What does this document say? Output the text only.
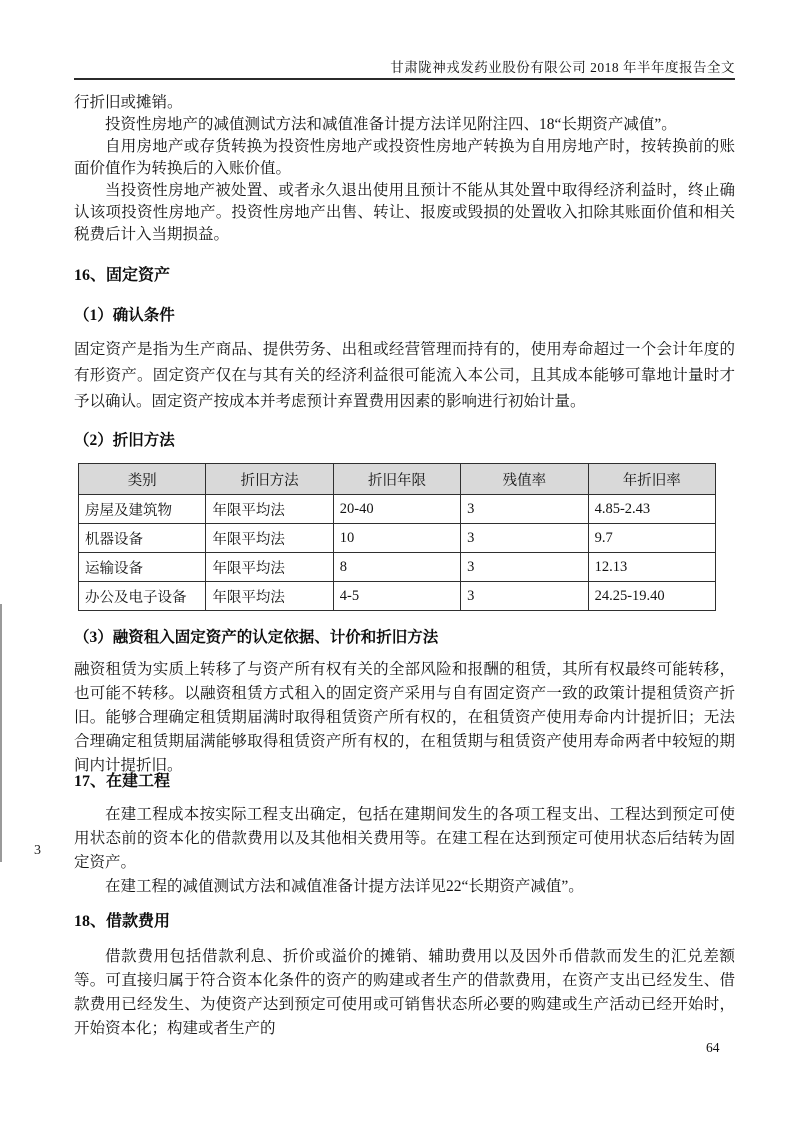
甘肃陇神戎发药业股份有限公司 2018 年半年度报告全文
行折旧或摊销。
投资性房地产的减值测试方法和减值准备计提方法详见附注四、18“长期资产减值”。
自用房地产或存货转换为投资性房地产或投资性房地产转换为自用房地产时，按转换前的账面价值作为转换后的入账价值。
当投资性房地产被处置、或者永久退出使用且预计不能从其处置中取得经济利益时，终止确认该项投资性房地产。投资性房地产出售、转让、报废或毁损的处置收入扣除其账面价值和相关税费后计入当期损益。
16、固定资产
（1）确认条件
固定资产是指为生产商品、提供劳务、出租或经营管理而持有的，使用寿命超过一个会计年度的有形资产。固定资产仅在与其有关的经济利益很可能流入本公司，且其成本能够可靠地计量时才予以确认。固定资产按成本并考虑预计弃置费用因素的影响进行初始计量。
（2）折旧方法
类别	折旧方法	折旧年限	残值率	年折旧率
房屋及建筑物	年限平均法	20-40	3	4.85-2.43
机器设备	年限平均法	10	3	9.7
运输设备	年限平均法	8	3	12.13
办公及电子设备	年限平均法	4-5	3	24.25-19.40
（3）融资租入固定资产的认定依据、计价和折旧方法
融资租赁为实质上转移了与资产所有权有关的全部风险和报酬的租赁，其所有权最终可能转移，也可能不转移。以融资租赁方式租入的固定资产采用与自有固定资产一致的政策计提租赁资产折旧。能够合理确定租赁期届满时取得租赁资产所有权的，在租赁资产使用寿命内计提折旧；无法合理确定租赁期届满能够取得租赁资产所有权的，在租赁期与租赁资产使用寿命两者中较短的期间内计提折旧。
17、在建工程
在建工程成本按实际工程支出确定，包括在建期间发生的各项工程支出、工程达到预定可使用状态前的资本化的借款费用以及其他相关费用等。在建工程在达到预定可使用状态后结转为固定资产。
在建工程的减值测试方法和减值准备计提方法详见22“长期资产减值”。
3
18、借款费用
借款费用包括借款利息、折价或溢价的摊销、辅助费用以及因外币借款而发生的汇兑差额等。可直接归属于符合资本化条件的资产的购建或者生产的借款费用，在资产支出已经发生、借款费用已经发生、为使资产达到预定可使用或可销售状态所必要的购建或生产活动已经开始时，开始资本化；构建或者生产的
64
